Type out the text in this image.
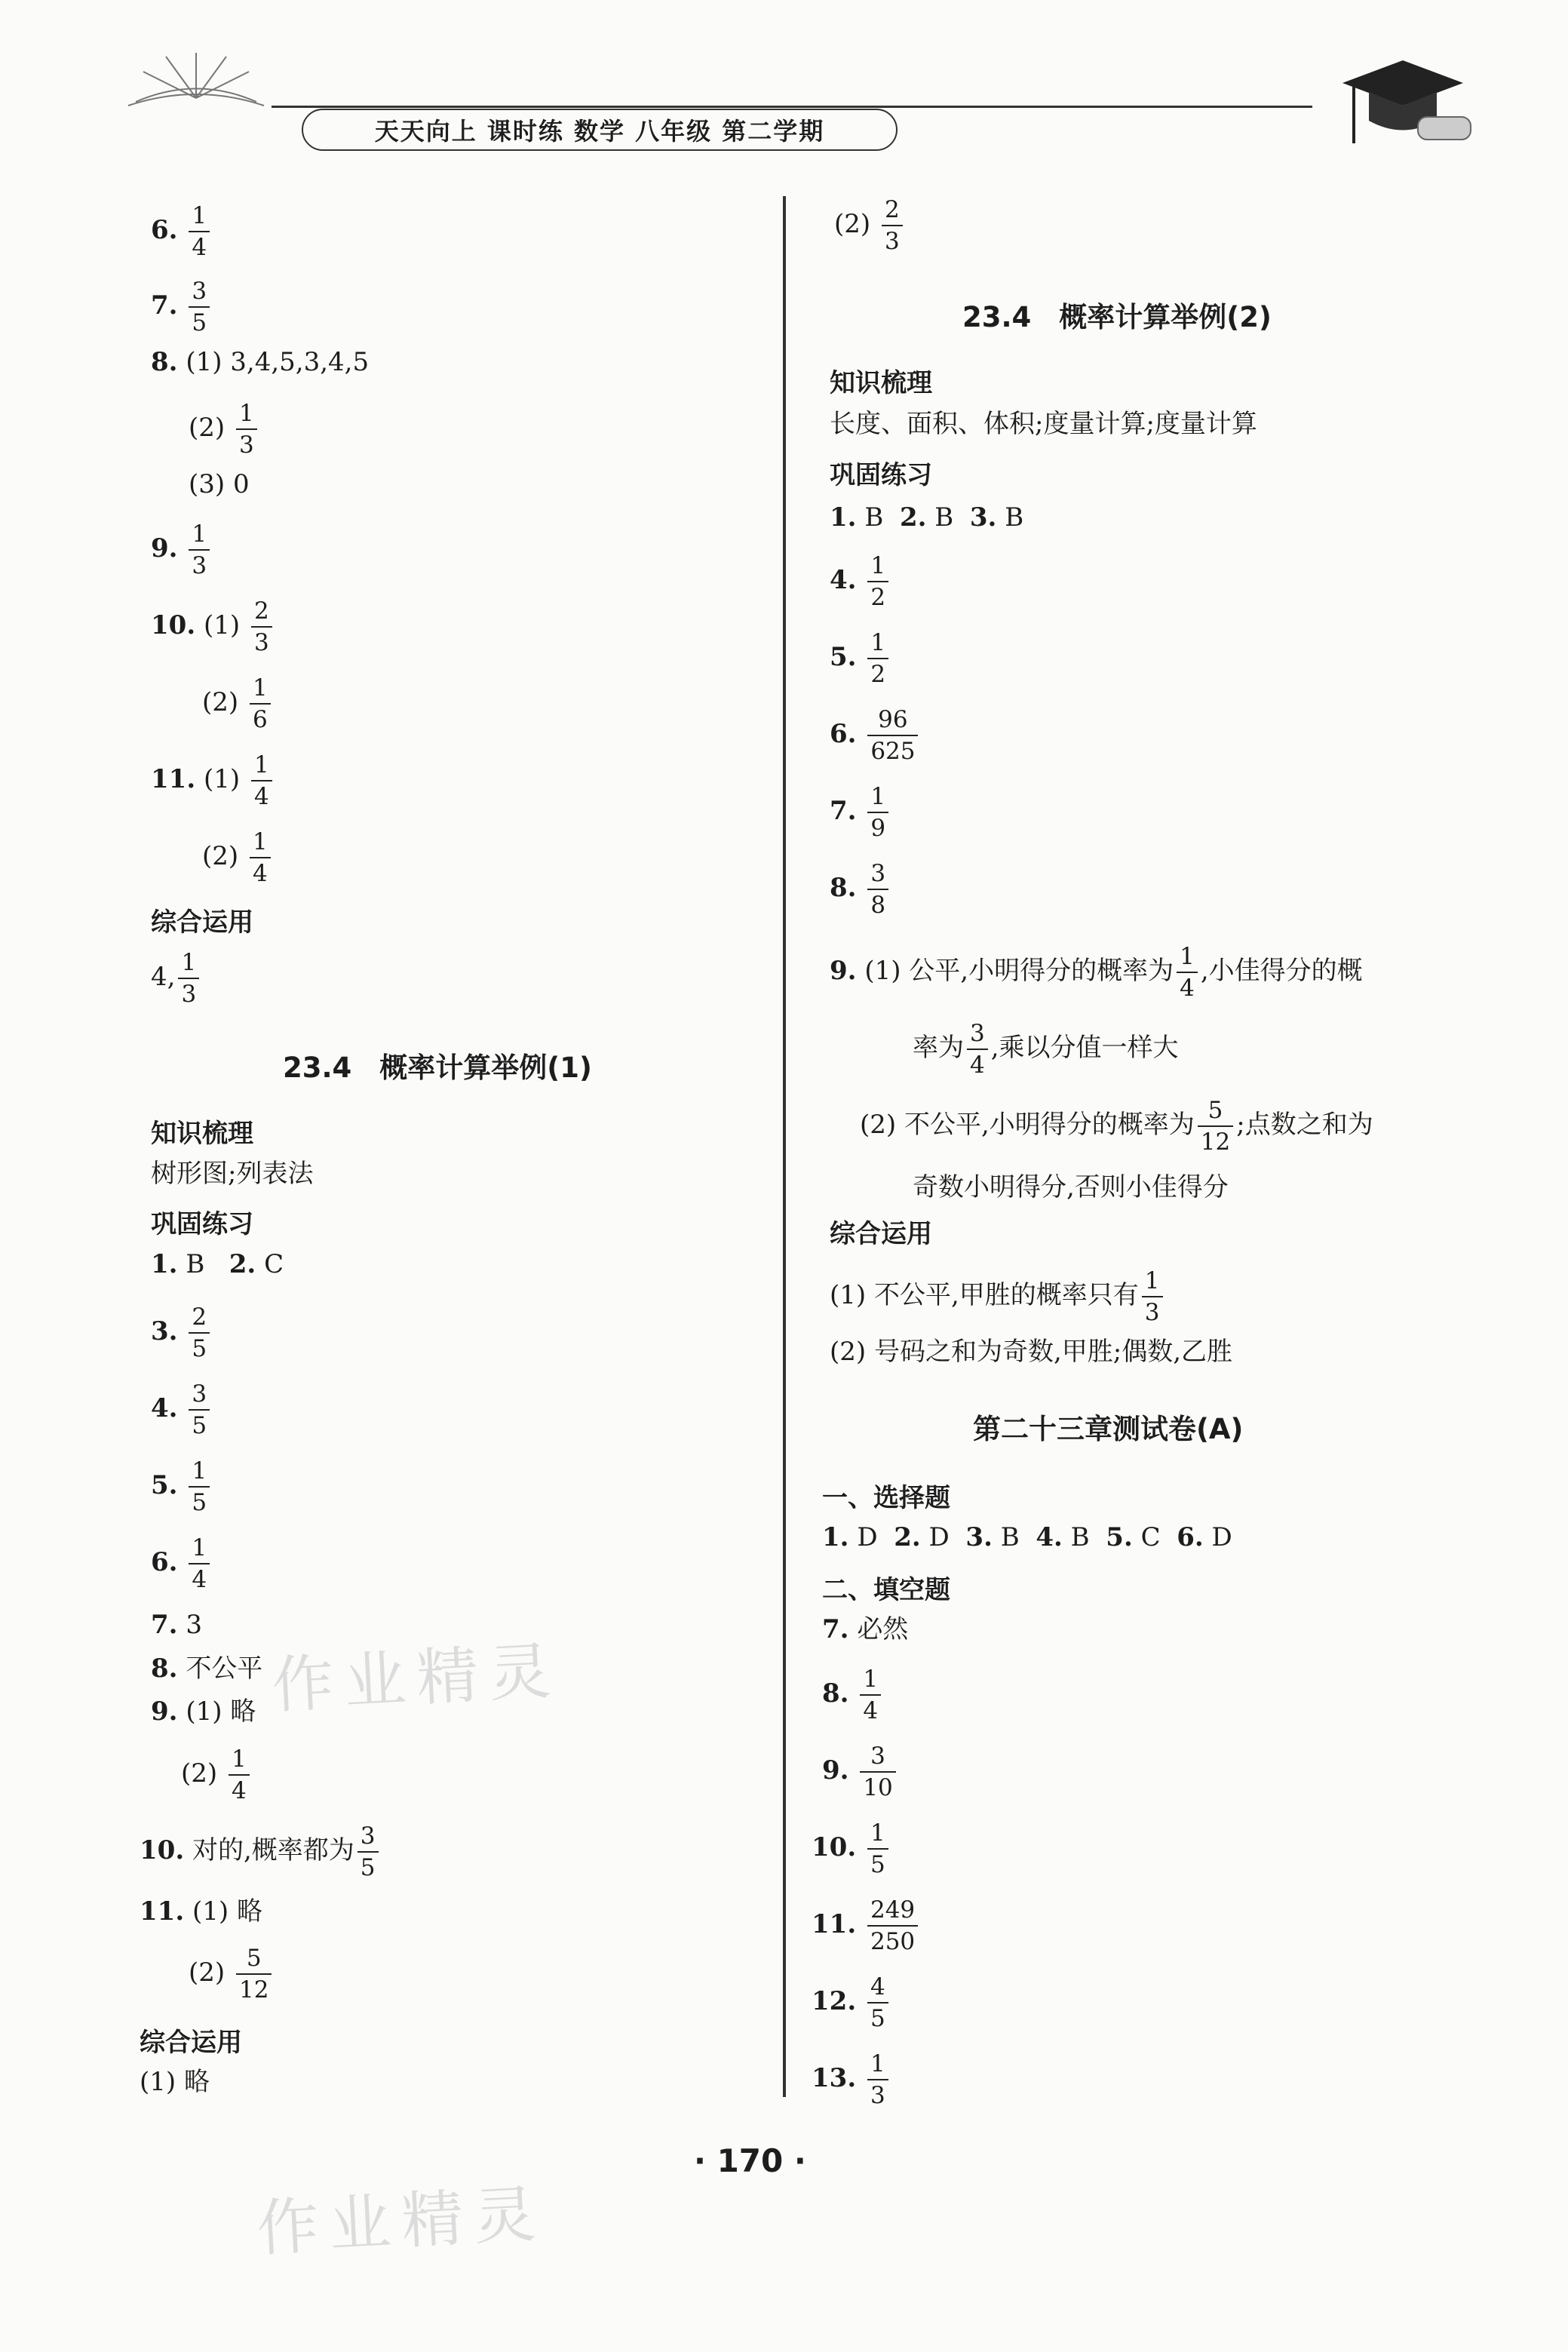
天天向上 课时练 数学 八年级 第二学期
作业精灵
作业精灵
6. $\frac{1}{4}$
7. $\frac{3}{5}$
8. (1) 3,4,5,3,4,5
$(2) \frac{1}{3}$
(3) 0
9. $\frac{1}{3}$
10. $(1) \frac{2}{3}$
$(2) \frac{1}{6}$
11. $(1) \frac{1}{4}$
$(2) \frac{1}{4}$
综合运用
4, $\frac{1}{3}$
23.4　概率计算举例(1)
知识梳理
树形图;列表法
巩固练习
1. B 2. C
3. $\frac{2}{5}$
4. $\frac{3}{5}$
5. $\frac{1}{5}$
6. $\frac{1}{4}$
7. 3
8. 不公平
9. (1) 略
$(2) \frac{1}{4}$
10. 对的,概率都为 $\frac{3}{5}$
11. (1) 略
$(2) \frac{5}{12}$
综合运用
(1) 略
$(2) \frac{2}{3}$
23.4　概率计算举例(2)
知识梳理
长度、面积、体积;度量计算;度量计算
巩固练习
1. B 2. B 3. B
4. $\frac{1}{2}$
5. $\frac{1}{2}$
6. $\frac{96}{625}$
7. $\frac{1}{9}$
8. $\frac{3}{8}$
9. (1) 公平,小明得分的概率为 $\frac{1}{4}$ ,小佳得分的概
率为 $\frac{3}{4}$ ,乘以分值一样大
(2) 不公平,小明得分的概率为 $\frac{5}{12}$ ;点数之和为
奇数小明得分,否则小佳得分
综合运用
(1) 不公平,甲胜的概率只有 $\frac{1}{3}$
(2) 号码之和为奇数,甲胜;偶数,乙胜
第二十三章测试卷(A)
一、选择题
1. D 2. D 3. B 4. B 5. C 6. D
二、填空题
7. 必然
8. $\frac{1}{4}$
9. $\frac{3}{10}$
10. $\frac{1}{5}$
11. $\frac{249}{250}$
12. $\frac{4}{5}$
13. $\frac{1}{3}$
· 170 ·
